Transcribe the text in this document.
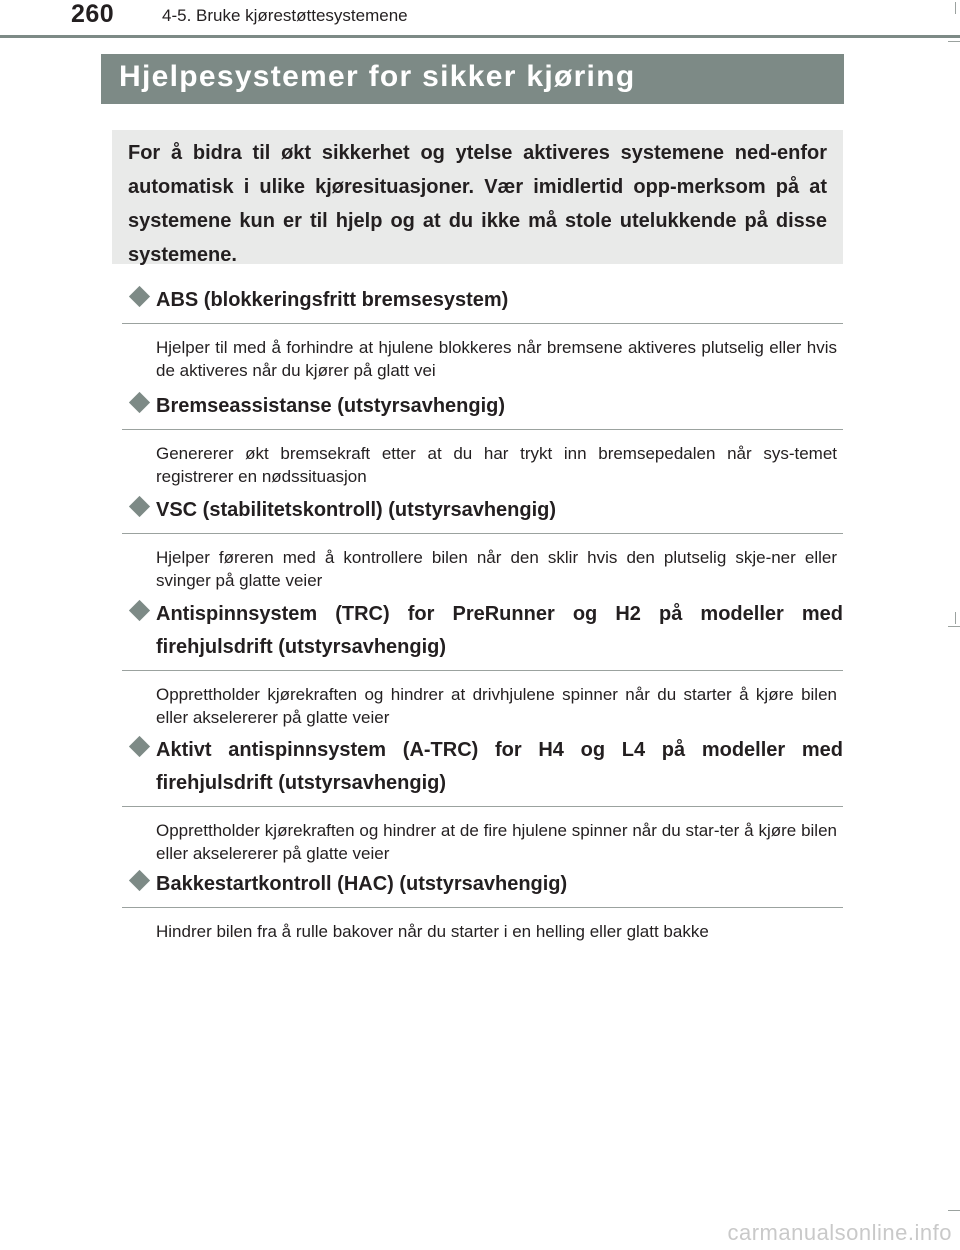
260	4-5. Bruke kjørestøttesystemene
Hjelpesystemer for sikker kjøring

For å bidra til økt sikkerhet og ytelse aktiveres systemene ned-enfor automatisk i ulike kjøresituasjoner. Vær imidlertid opp-merksom på at systemene kun er til hjelp og at du ikke må stole utelukkende på disse systemene.

ABS (blokkeringsfritt bremsesystem)
Hjelper til med å forhindre at hjulene blokkeres når bremsene aktiveres plutselig eller hvis de aktiveres når du kjører på glatt vei
Bremseassistanse (utstyrsavhengig)
Genererer økt bremsekraft etter at du har trykt inn bremsepedalen når sys-temet registrerer en nødssituasjon
VSC (stabilitetskontroll) (utstyrsavhengig)
Hjelper føreren med å kontrollere bilen når den sklir hvis den plutselig skje-ner eller svinger på glatte veier
Antispinnsystem (TRC) for PreRunner og H2 på modeller med firehjulsdrift (utstyrsavhengig)
Opprettholder kjørekraften og hindrer at drivhjulene spinner når du starter å kjøre bilen eller akselererer på glatte veier
Aktivt antispinnsystem (A-TRC) for H4 og L4 på modeller med firehjulsdrift (utstyrsavhengig)
Opprettholder kjørekraften og hindrer at de fire hjulene spinner når du star-ter å kjøre bilen eller akselererer på glatte veier
Bakkestartkontroll (HAC) (utstyrsavhengig)
Hindrer bilen fra å rulle bakover når du starter i en helling eller glatt bakke
carmanualsonline.info
